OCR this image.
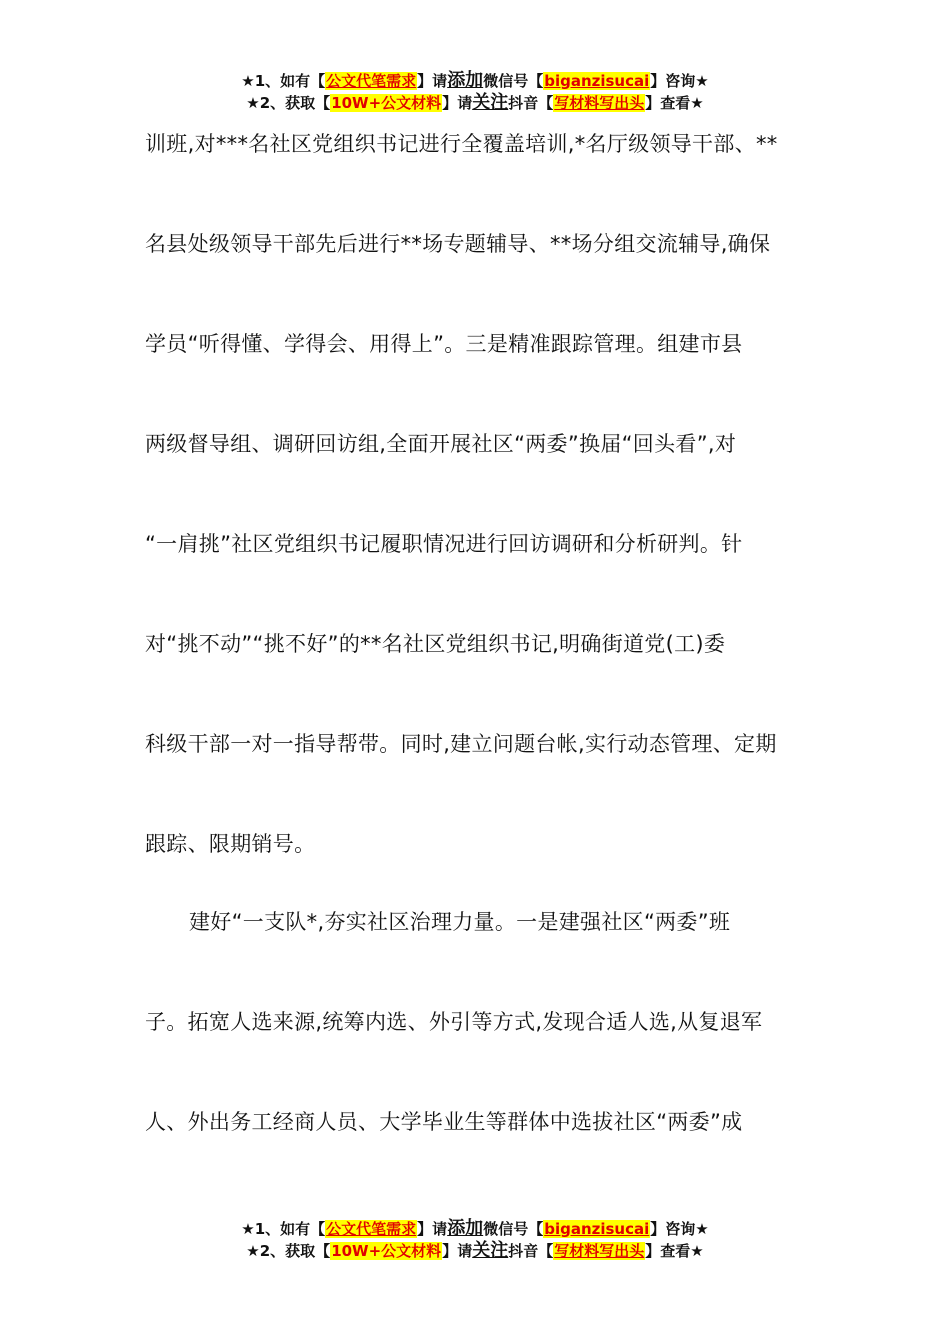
★1、如有【公文代笔需求】请添加微信号【biganzisucai】咨询★
★2、获取【10W+公文材料】请关注抖音【写材料写出头】查看★
训班,对***名社区党组织书记进行全覆盖培训,*名厅级领导干部、**
名县处级领导干部先后进行**场专题辅导、**场分组交流辅导,确保
学员“听得懂、学得会、用得上”。三是精准跟踪管理。组建市县
两级督导组、调研回访组,全面开展社区“两委”换届“回头看”,对
“一肩挑”社区党组织书记履职情况进行回访调研和分析研判。针
对“挑不动”“挑不好”的**名社区党组织书记,明确街道党(工)委
科级干部一对一指导帮带。同时,建立问题台帐,实行动态管理、定期
跟踪、限期销号。
建好“一支队*,夯实社区治理力量。一是建强社区“两委”班
子。拓宽人选来源,统筹内选、外引等方式,发现合适人选,从复退军
人、外出务工经商人员、大学毕业生等群体中选拔社区“两委”成
★1、如有【公文代笔需求】请添加微信号【biganzisucai】咨询★
★2、获取【10W+公文材料】请关注抖音【写材料写出头】查看★
